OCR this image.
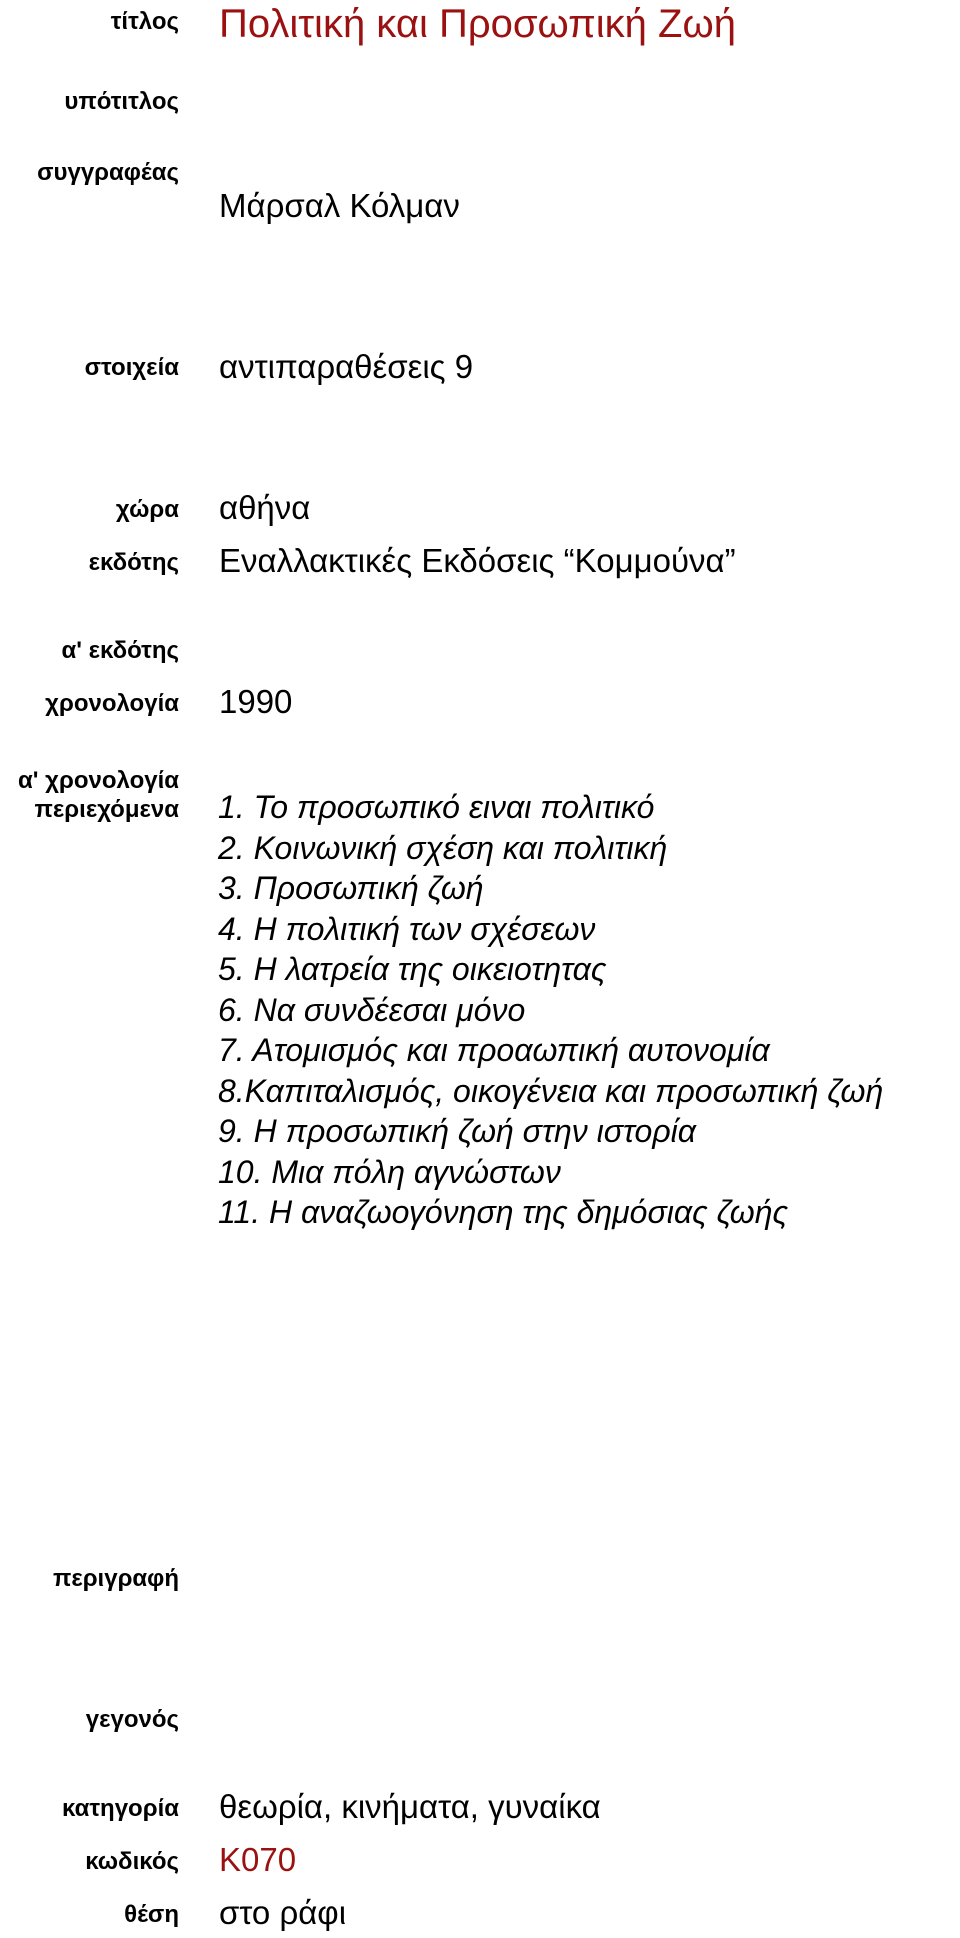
τίτλος Πολιτική και Προσωπική Ζωή
υπότιτλος
συγγραφέας
Μάρσαλ Κόλμαν
στοιχεία αντιπαραθέσεις 9
χώρα αθήνα
εκδότης Εναλλακτικές Εκδόσεις “Κομμούνα”
α' εκδότης
χρονολογία 1990
α' χρονολογία
περιεχόμενα 1. Το προσωπικό ειναι πολιτικό
2. Κοινωνική σχέση και πολιτική
3. Προσωπική ζωή
4. Η πολιτική των σχέσεων
5. Η λατρεία της οικειοτητας
6. Να συνδέεσαι μόνο
7. Ατομισμός και προαωπική αυτονομία
8.Καπιταλισμός, οικογένεια και προσωπική ζωή
9. Η προσωπική ζωή στην ιστορία
10. Μια πόλη αγνώστων
11. Η αναζωογόνηση της δημόσιας ζωής
περιγραφή
γεγονός
κατηγορία θεωρία, κινήματα, γυναίκα
κωδικός Κ070
θέση στο ράφι
